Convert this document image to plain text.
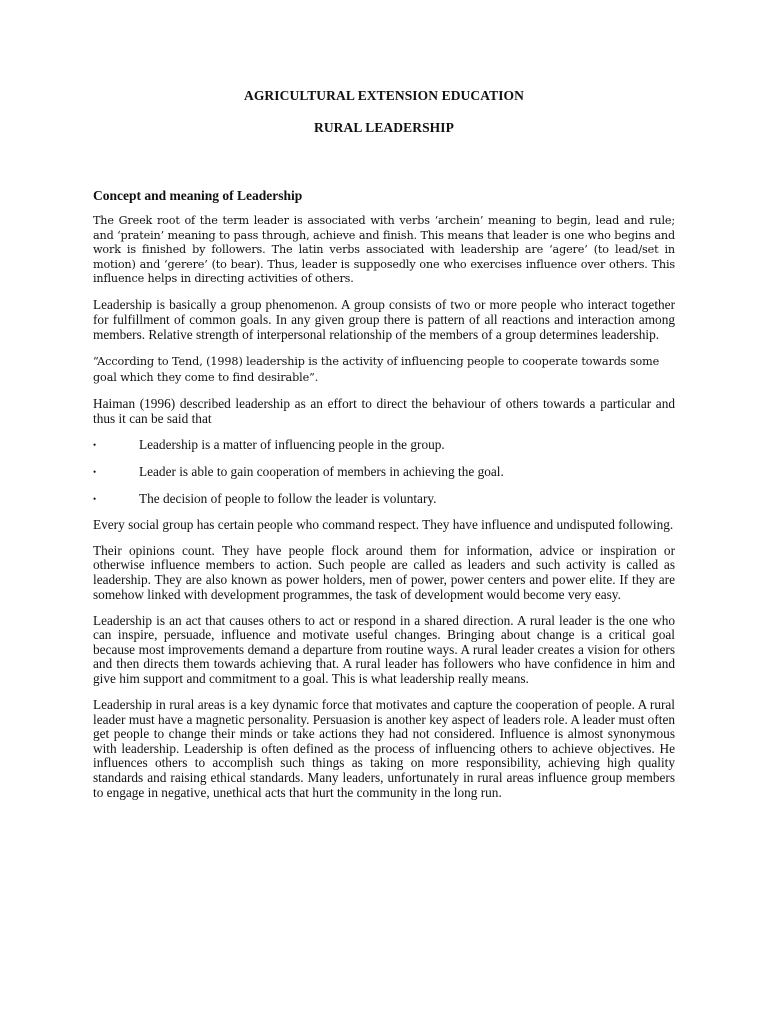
AGRICULTURAL EXTENSION EDUCATION
RURAL LEADERSHIP
Concept and meaning of Leadership

The Greek root of the term leader is associated with verbs ‘archein’ meaning to begin, lead and rule; and ‘pratein’ meaning to pass through, achieve and finish. This means that leader is one who begins and work is finished by followers. The latin verbs associated with leadership are ‘agere’ (to lead/set in motion) and ‘gerere’ (to bear). Thus, leader is supposedly one who exercises influence over others. This influence helps in directing activities of others.

Leadership is basically a group phenomenon. A group consists of two or more people who interact together for fulfillment of common goals. In any given group there is pattern of all reactions and interaction among members. Relative strength of interpersonal relationship of the members of a group determines leadership.

“According to Tend, (1998) leadership is the activity of influencing people to cooperate towards some goal which they come to find desirable”.

Haiman (1996) described leadership as an effort to direct the behaviour of others towards a particular and thus it can be said that

•	Leadership is a matter of influencing people in the group.
•	Leader is able to gain cooperation of members in achieving the goal.
•	The decision of people to follow the leader is voluntary.

Every social group has certain people who command respect. They have influence and undisputed following.

Their opinions count. They have people flock around them for information, advice or inspiration or otherwise influence members to action. Such people are called as leaders and such activity is called as leadership. They are also known as power holders, men of power, power centers and power elite. If they are somehow linked with development programmes, the task of development would become very easy.

Leadership is an act that causes others to act or respond in a shared direction. A rural leader is the one who can inspire, persuade, influence and motivate useful changes. Bringing about change is a critical goal because most improvements demand a departure from routine ways. A rural leader creates a vision for others and then directs them towards achieving that. A rural leader has followers who have confidence in him and give him support and commitment to a goal. This is what leadership really means.

Leadership in rural areas is a key dynamic force that motivates and capture the cooperation of people. A rural leader must have a magnetic personality. Persuasion is another key aspect of leaders role. A leader must often get people to change their minds or take actions they had not considered. Influence is almost synonymous with leadership. Leadership is often defined as the process of influencing others to achieve objectives. He influences others to accomplish such things as taking on more responsibility, achieving high quality standards and raising ethical standards. Many leaders, unfortunately in rural areas influence group members to engage in negative, unethical acts that hurt the community in the long run.
